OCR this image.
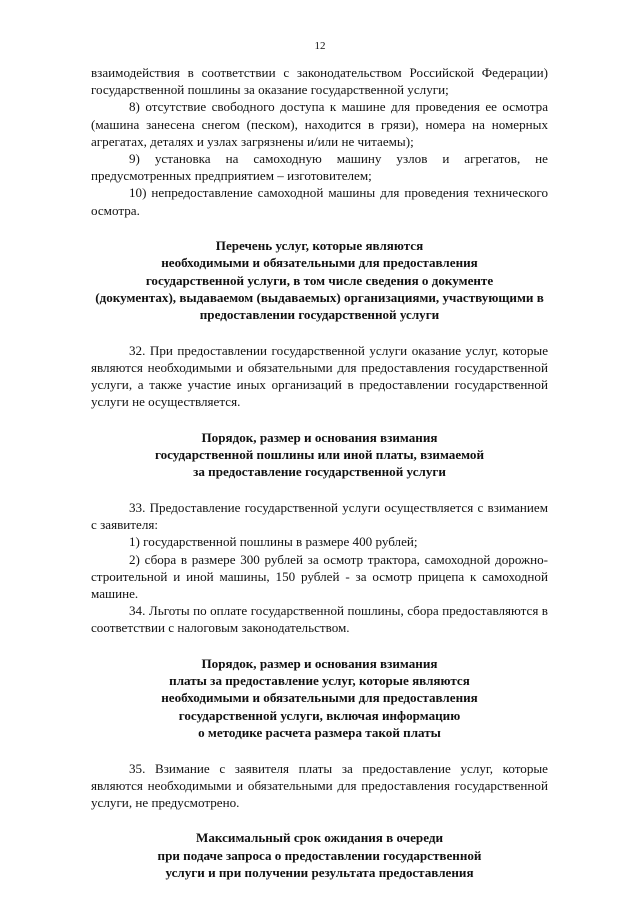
12

взаимодействия в соответствии с законодательством Российской Федерации) государственной пошлины за оказание государственной услуги;

8) отсутствие свободного доступа к машине для проведения ее осмотра (машина занесена снегом (песком), находится в грязи), номера на номерных агрегатах, деталях и узлах загрязнены и/или не читаемы);

9) установка на самоходную машину узлов и агрегатов, не предусмотренных предприятием – изготовителем;

10) непредоставление самоходной машины для проведения технического осмотра.

Перечень услуг, которые являются
необходимыми и обязательными для предоставления
государственной услуги, в том числе сведения о документе
(документах), выдаваемом (выдаваемых) организациями, участвующими в
предоставлении государственной услуги

32. При предоставлении государственной услуги оказание услуг, которые являются необходимыми и обязательными для предоставления государственной услуги, а также участие иных организаций в предоставлении государственной услуги не осуществляется.

Порядок, размер и основания взимания
государственной пошлины или иной платы, взимаемой
за предоставление государственной услуги

33. Предоставление государственной услуги осуществляется с взиманием с заявителя:

1) государственной пошлины в размере 400 рублей;

2) сбора в размере 300 рублей за осмотр трактора, самоходной дорожно-строительной и иной машины, 150 рублей - за осмотр прицепа к самоходной машине.

34. Льготы по оплате государственной пошлины, сбора предоставляются в соответствии с налоговым законодательством.

Порядок, размер и основания взимания
платы за предоставление услуг, которые являются
необходимыми и обязательными для предоставления
государственной услуги, включая информацию
о методике расчета размера такой платы

35. Взимание с заявителя платы за предоставление услуг, которые являются необходимыми и обязательными для предоставления государственной услуги, не предусмотрено.

Максимальный срок ожидания в очереди
при подаче запроса о предоставлении государственной
услуги и при получении результата предоставления
